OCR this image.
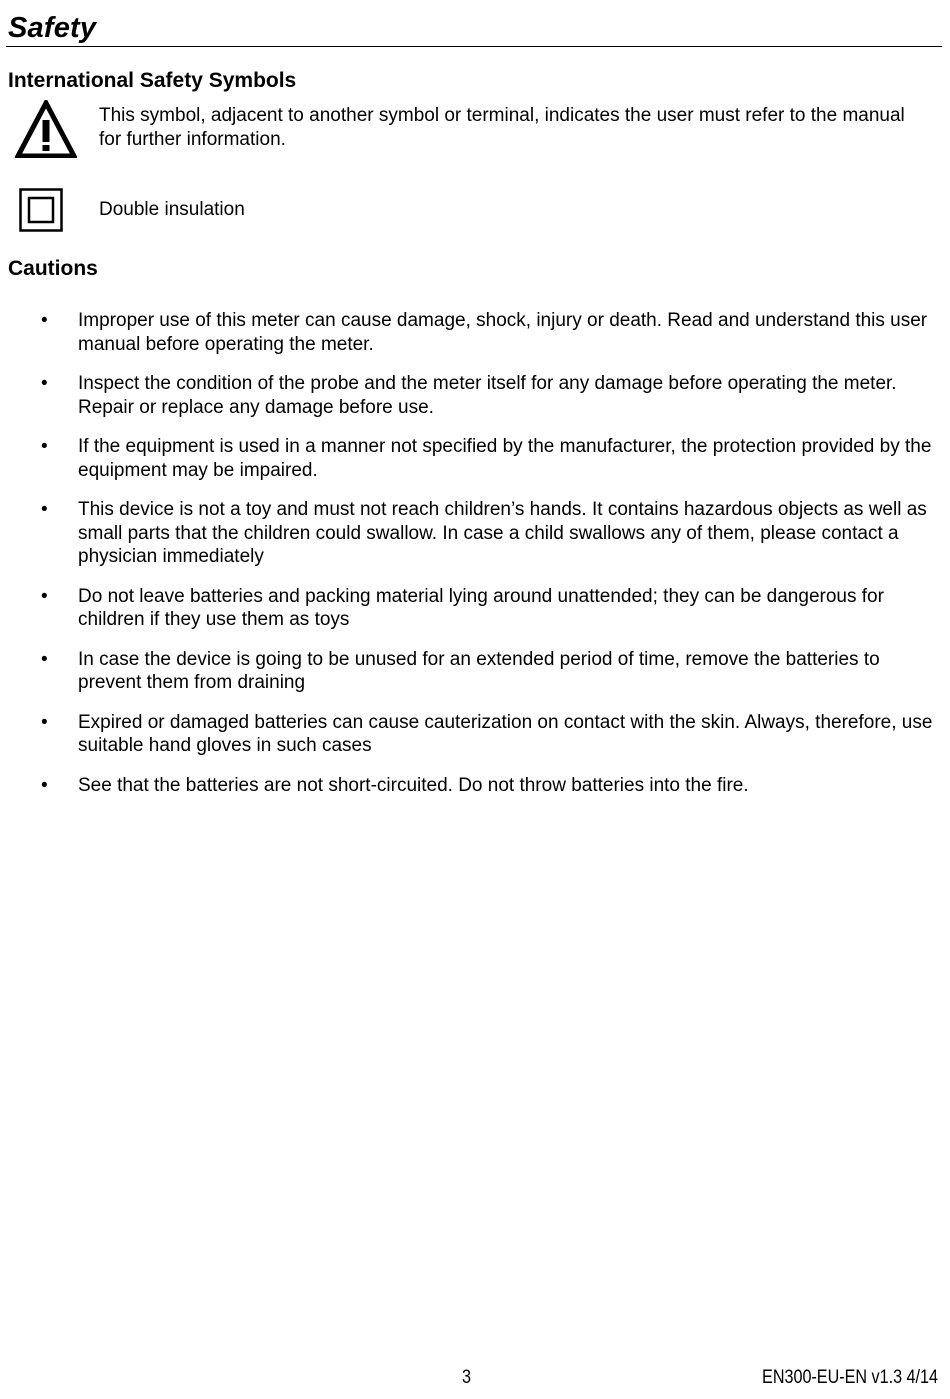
Safety
International Safety Symbols
This symbol, adjacent to another symbol or terminal, indicates the user must refer to the manual for further information.
Double insulation
Cautions
• Improper use of this meter can cause damage, shock, injury or death. Read and understand this user manual before operating the meter.
• Inspect the condition of the probe and the meter itself for any damage before operating the meter. Repair or replace any damage before use.
• If the equipment is used in a manner not specified by the manufacturer, the protection provided by the equipment may be impaired.
• This device is not a toy and must not reach children’s hands. It contains hazardous objects as well as small parts that the children could swallow. In case a child swallows any of them, please contact a physician immediately
• Do not leave batteries and packing material lying around unattended; they can be dangerous for children if they use them as toys
• In case the device is going to be unused for an extended period of time, remove the batteries to prevent them from draining
• Expired or damaged batteries can cause cauterization on contact with the skin. Always, therefore, use suitable hand gloves in such cases
• See that the batteries are not short-circuited. Do not throw batteries into the fire.
3	EN300-EU-EN v1.3 4/14
